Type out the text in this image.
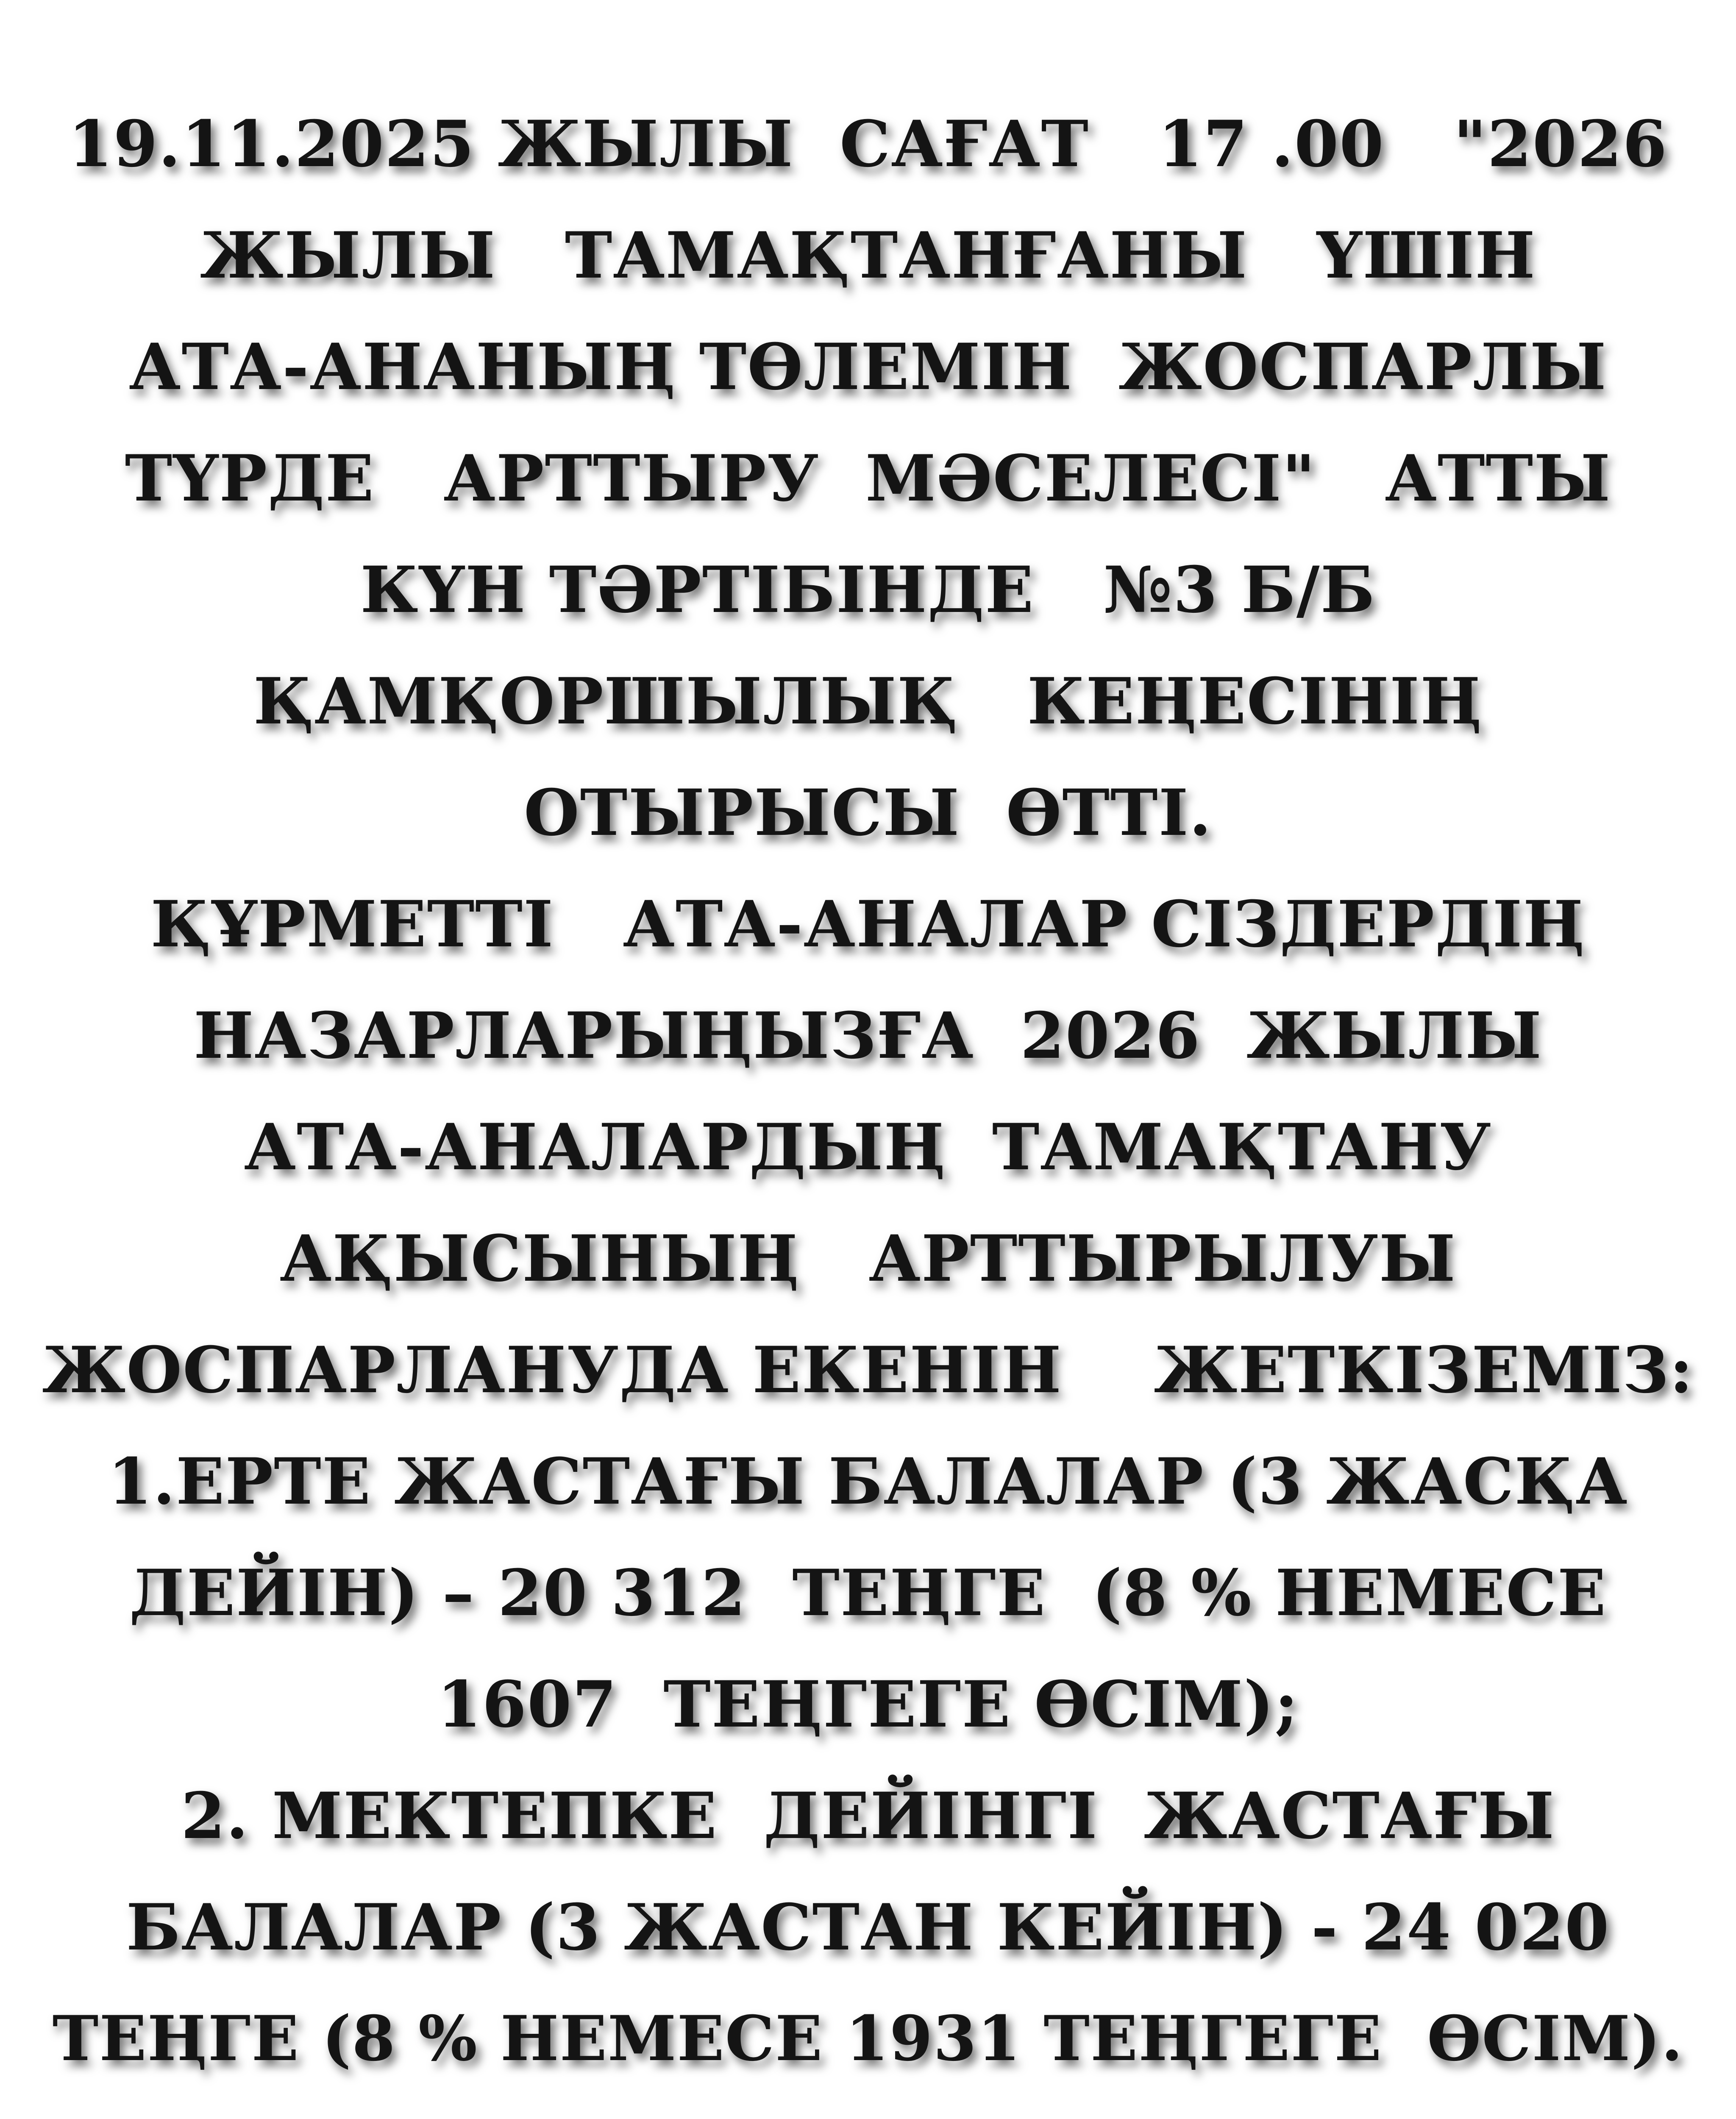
19.11.2025 ЖЫЛЫ  САҒАТ   17 .00   "2026
ЖЫЛЫ   ТАМАҚТАНҒАНЫ   ҮШІН
АТА-АНАНЫҢ ТӨЛЕМІН  ЖОСПАРЛЫ
ТҮРДЕ   АРТТЫРУ  МӘСЕЛЕСІ"   АТТЫ
КҮН ТӘРТІБІНДЕ   №3 Б/Б
ҚАМҚОРШЫЛЫҚ   КЕҢЕСІНІҢ
ОТЫРЫСЫ  ӨТТІ.
ҚҰРМЕТТІ   АТА-АНАЛАР СІЗДЕРДІҢ
НАЗАРЛАРЫҢЫЗҒА  2026  ЖЫЛЫ
АТА-АНАЛАРДЫҢ  ТАМАҚТАНУ
АҚЫСЫНЫҢ   АРТТЫРЫЛУЫ
ЖОСПАРЛАНУДА ЕКЕНІН    ЖЕТКІЗЕМІЗ:
1.ЕРТЕ ЖАСТАҒЫ БАЛАЛАР (3 ЖАСҚА
ДЕЙІН) – 20 312  ТЕҢГЕ  (8 % НЕМЕСЕ
1607  ТЕҢГЕГЕ ӨСІМ);
2. МЕКТЕПКЕ  ДЕЙІНГІ  ЖАСТАҒЫ
БАЛАЛАР (3 ЖАСТАН КЕЙІН) - 24 020
ТЕҢГЕ (8 % НЕМЕСЕ 1931 ТЕҢГЕГЕ  ӨСІМ).
